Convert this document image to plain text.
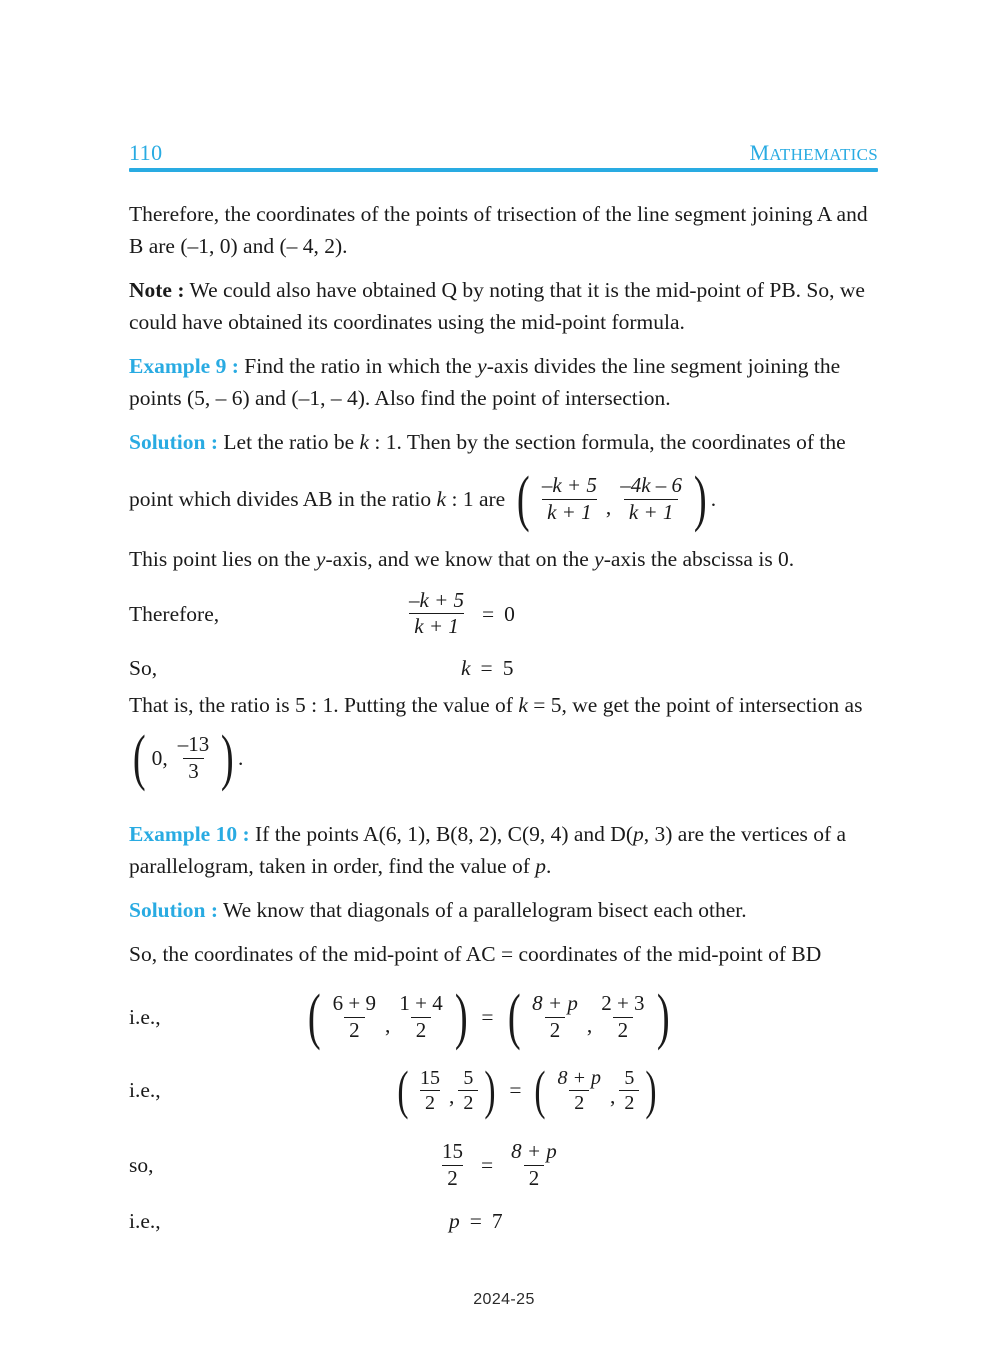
110	MATHEMATICS

Therefore, the coordinates of the points of trisection of the line segment joining A and B are (–1, 0) and (– 4, 2).

Note : We could also have obtained Q by noting that it is the mid-point of PB. So, we could have obtained its coordinates using the mid-point formula.

Example 9 : Find the ratio in which the y-axis divides the line segment joining the points (5, – 6) and (–1, – 4). Also find the point of intersection.

Solution : Let the ratio be k : 1. Then by the section formula, the coordinates of the

point which divides AB in the ratio k : 1 are ( $\frac{-k + 5}{k + 1}$ , $\frac{-4k - 6}{k + 1}$ ) .

This point lies on the y-axis, and we know that on the y-axis the abscissa is 0.

Therefore,	$\frac{-k + 5}{k + 1} = 0$
So,	k = 5

That is, the ratio is 5 : 1. Putting the value of k = 5, we get the point of intersection as

( 0, $\frac{-13}{3}$ ) .

Example 10 : If the points A(6, 1), B(8, 2), C(9, 4) and D(p, 3) are the vertices of a parallelogram, taken in order, find the value of p.

Solution : We know that diagonals of a parallelogram bisect each other.

So, the coordinates of the mid-point of AC = coordinates of the mid-point of BD

i.e.,	( $\frac{6 + 9}{2}$ , $\frac{1 + 4}{2}$ ) = ( $\frac{8 + p}{2}$ , $\frac{2 + 3}{2}$ )
i.e.,	( $\frac{15}{2}$ , $\frac{5}{2}$ ) = ( $\frac{8 + p}{2}$ , $\frac{5}{2}$ )
so,	$\frac{15}{2} = \frac{8 + p}{2}$
i.e.,	p = 7
2024-25
